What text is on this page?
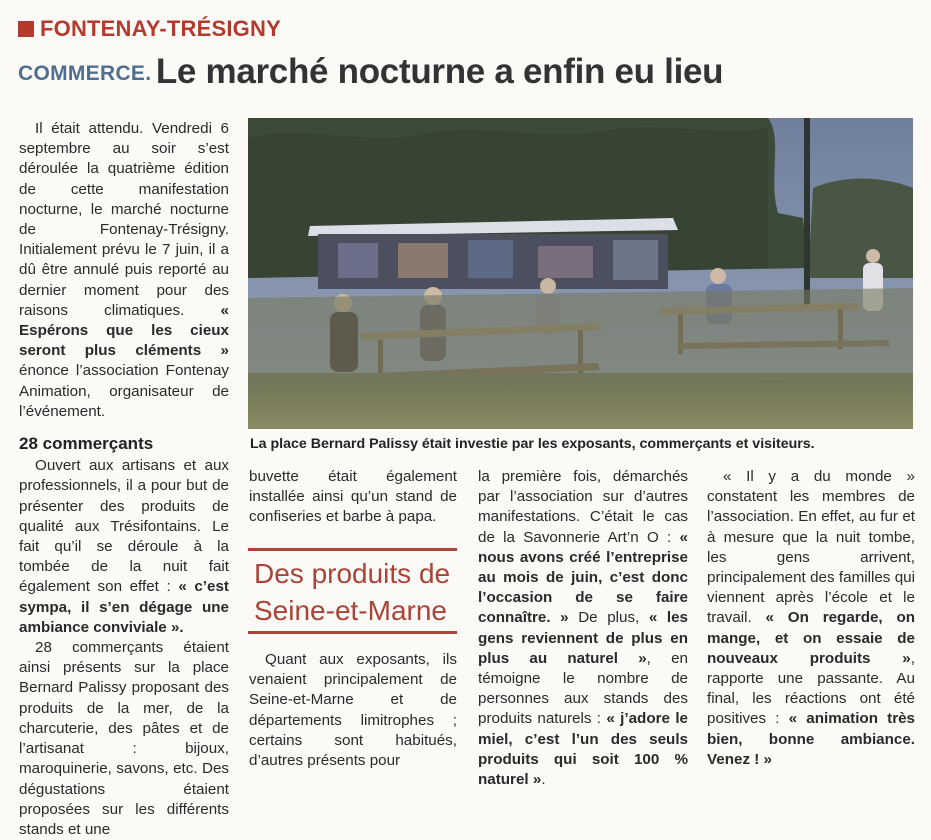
FONTENAY-TRÉSIGNY
COMMERCE. Le marché nocturne a enfin eu lieu

Il était attendu. Vendredi 6 septembre au soir s’est déroulée la quatrième édition de cette manifestation nocturne, le marché nocturne de Fontenay-Trésigny. Initialement prévu le 7 juin, il a dû être annulé puis reporté au dernier moment pour des raisons climatiques. « Espérons que les cieux seront plus cléments » énonce l’association Fontenay Animation, organisateur de l’événement.

28 commerçants

Ouvert aux artisans et aux professionnels, il a pour but de présenter des produits de qualité aux Trésifontains. Le fait qu’il se déroule à la tombée de la nuit fait également son effet : « c’est sympa, il s’en dégage une ambiance conviviale ».

28 commerçants étaient ainsi présents sur la place Bernard Palissy proposant des produits de la mer, de la charcuterie, des pâtes et de l’artisanat : bijoux, maroquinerie, savons, etc. Des dégustations étaient proposées sur les différents stands et une

La place Bernard Palissy était investie par les exposants, commerçants et visiteurs.

buvette était également installée ainsi qu’un stand de confiseries et barbe à papa.

Des produits de Seine-et-Marne

Quant aux exposants, ils venaient principalement de Seine-et-Marne et de départements limitrophes ; certains sont habitués, d’autres présents pour

la première fois, démarchés par l’association sur d’autres manifestations. C’était le cas de la Savonnerie Art’n O : « nous avons créé l’entreprise au mois de juin, c’est donc l’occasion de se faire connaître. » De plus, « les gens reviennent de plus en plus au naturel », en témoigne le nombre de personnes aux stands des produits naturels : « j’adore le miel, c’est l’un des seuls produits qui soit 100 % naturel ».

« Il y a du monde » constatent les membres de l’association. En effet, au fur et à mesure que la nuit tombe, les gens arrivent, principalement des familles qui viennent après l’école et le travail. « On regarde, on mange, et on essaie de nouveaux produits », rapporte une passante. Au final, les réactions ont été positives : « animation très bien, bonne ambiance. Venez ! »
